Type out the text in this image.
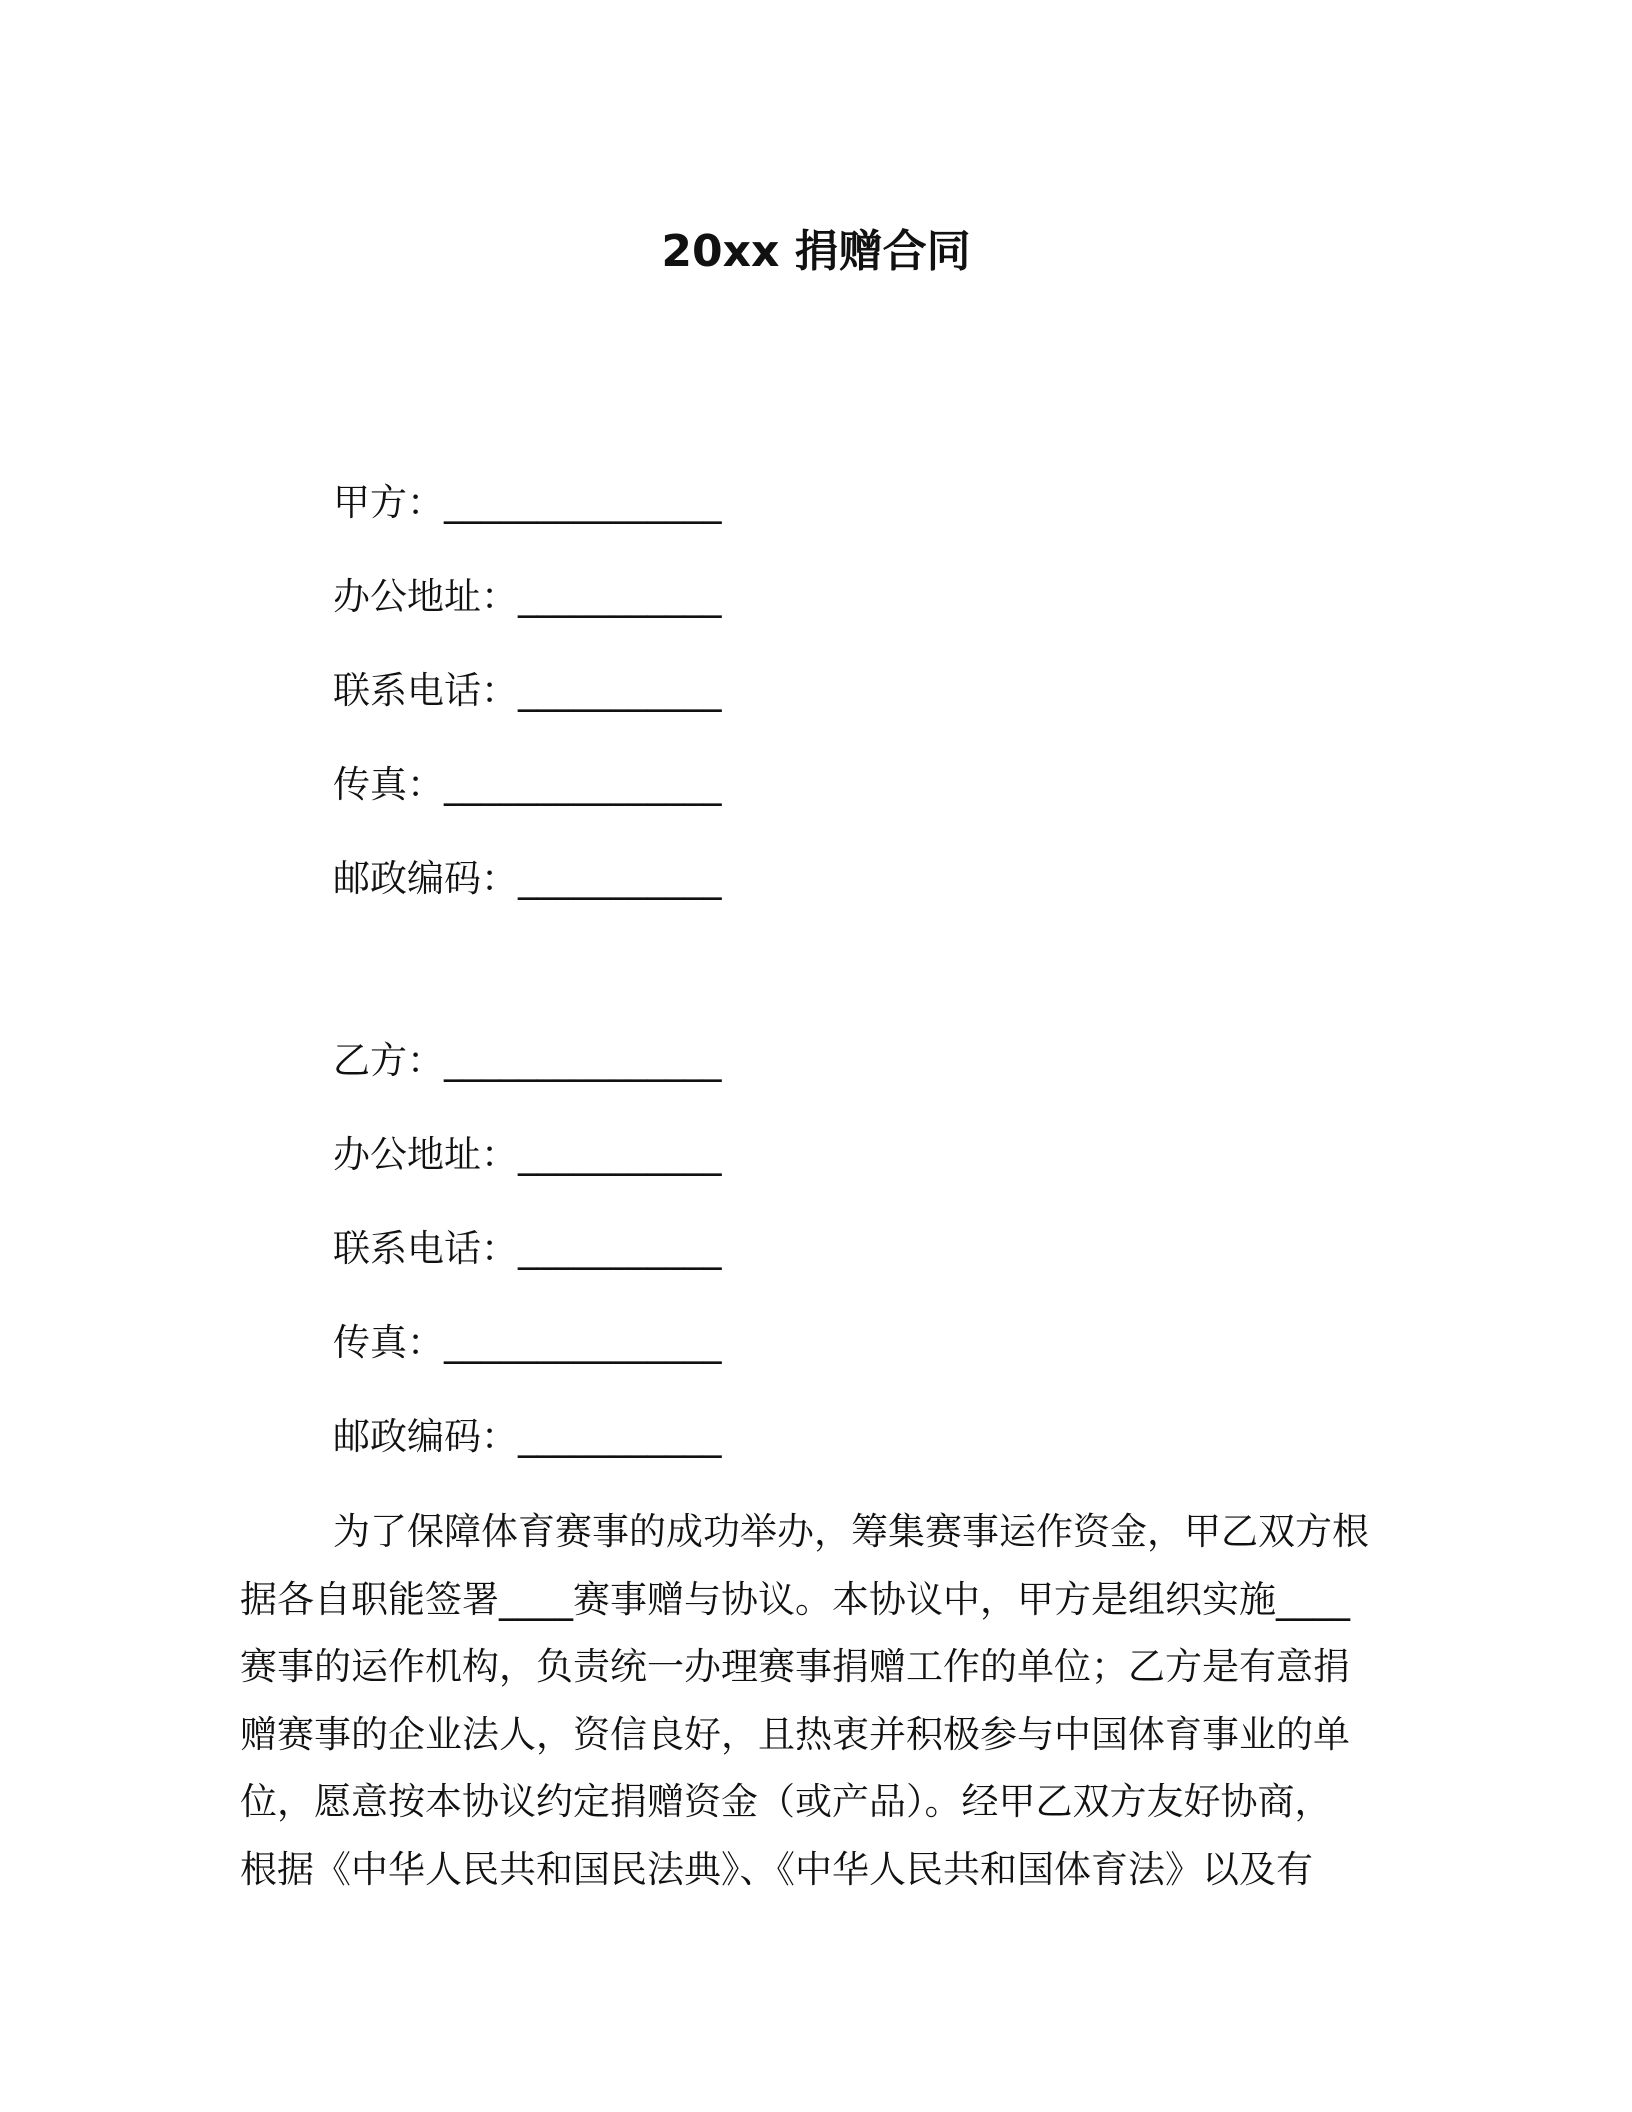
20xx 捐赠合同
甲方：_______________
办公地址：___________
联系电话：___________
传真：_______________
邮政编码：___________
乙方：_______________
办公地址：___________
联系电话：___________
传真：_______________
邮政编码：___________
为了保障体育赛事的成功举办，筹集赛事运作资金，甲乙双方根
据各自职能签署____赛事赠与协议。本协议中，甲方是组织实施____
赛事的运作机构，负责统一办理赛事捐赠工作的单位；乙方是有意捐
赠赛事的企业法人，资信良好，且热衷并积极参与中国体育事业的单
位，愿意按本协议约定捐赠资金（或产品）。经甲乙双方友好协商，
根据《中华人民共和国民法典》、《中华人民共和国体育法》以及有
